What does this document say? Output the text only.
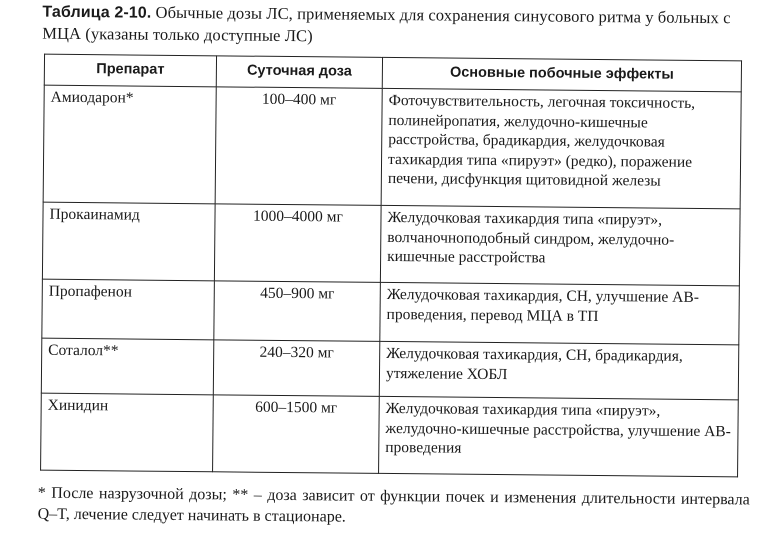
Таблица 2-10. Обычные дозы ЛС, применяемых для сохранения синусового ритма у больных с МЦА (указаны только доступные ЛС)
Препарат	Суточная доза	Основные побочные эффекты
Амиодарон*	100–400 мг	Фоточувствительность, легочная токсичность, полинейропатия, желудочно-кишечные расстройства, брадикардия, желудочковая тахикардия типа «пируэт» (редко), поражение печени, дисфункция щитовидной железы
Прокаинамид	1000–4000 мг	Желудочковая тахикардия типа «пируэт», волчаночноподобный синдром, желудочно-кишечные расстройства
Пропафенон	450–900 мг	Желудочковая тахикардия, СН, улучшение АВ-проведения, перевод МЦА в ТП
Соталол**	240–320 мг	Желудочковая тахикардия, СН, брадикардия, утяжеление ХОБЛ
Хинидин	600–1500 мг	Желудочковая тахикардия типа «пируэт», желудочно-кишечные расстройства, улучшение АВ-проведения
* После назрузочной дозы; ** – доза зависит от функции почек и изменения длительности интервала Q–T, лечение следует начинать в стационаре.
